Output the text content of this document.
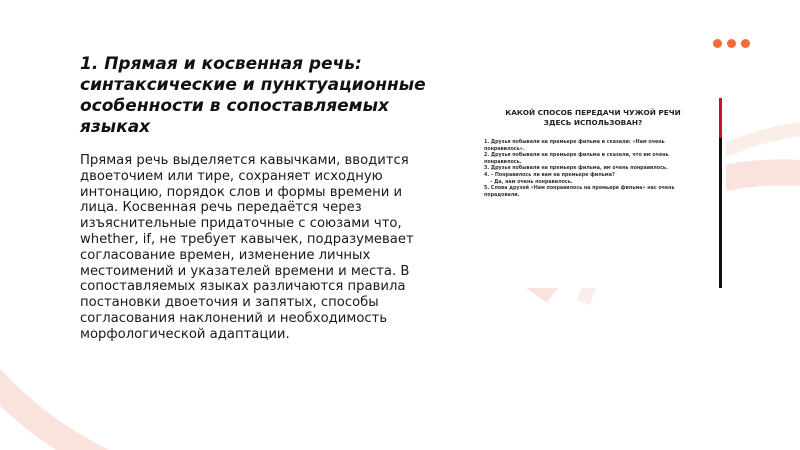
1. Прямая и косвенная речь: синтаксические и пунктуационные особенности в сопоставляемых языках

Прямая речь выделяется кавычками, вводится двоеточием или тире, сохраняет исходную интонацию, порядок слов и формы времени и лица. Косвенная речь передаётся через изъяснительные придаточные с союзами что, whether, if, не требует кавычек, подразумевает согласование времен, изменение личных местоимений и указателей времени и места. В сопоставляемых языках различаются правила постановки двоеточия и запятых, способы согласования наклонений и необходимость морфологической адаптации.

КАКОЙ СПОСОБ ПЕРЕДАЧИ ЧУЖОЙ РЕЧИ ЗДЕСЬ ИСПОЛЬЗОВАН?
1. Друзья побывали на премьере фильма и сказали: «Нам очень понравилось».
2. Друзья побывали на премьере фильма и сказали, что им очень понравилось.
3. Друзья побывали на премьере фильма, им очень понравилось.
4. – Понравилось ли вам на премьере фильма?
– Да, нам очень понравилось.
5. Слова друзей «Нам понравилось на премьере фильма» нас очень порадовали.
